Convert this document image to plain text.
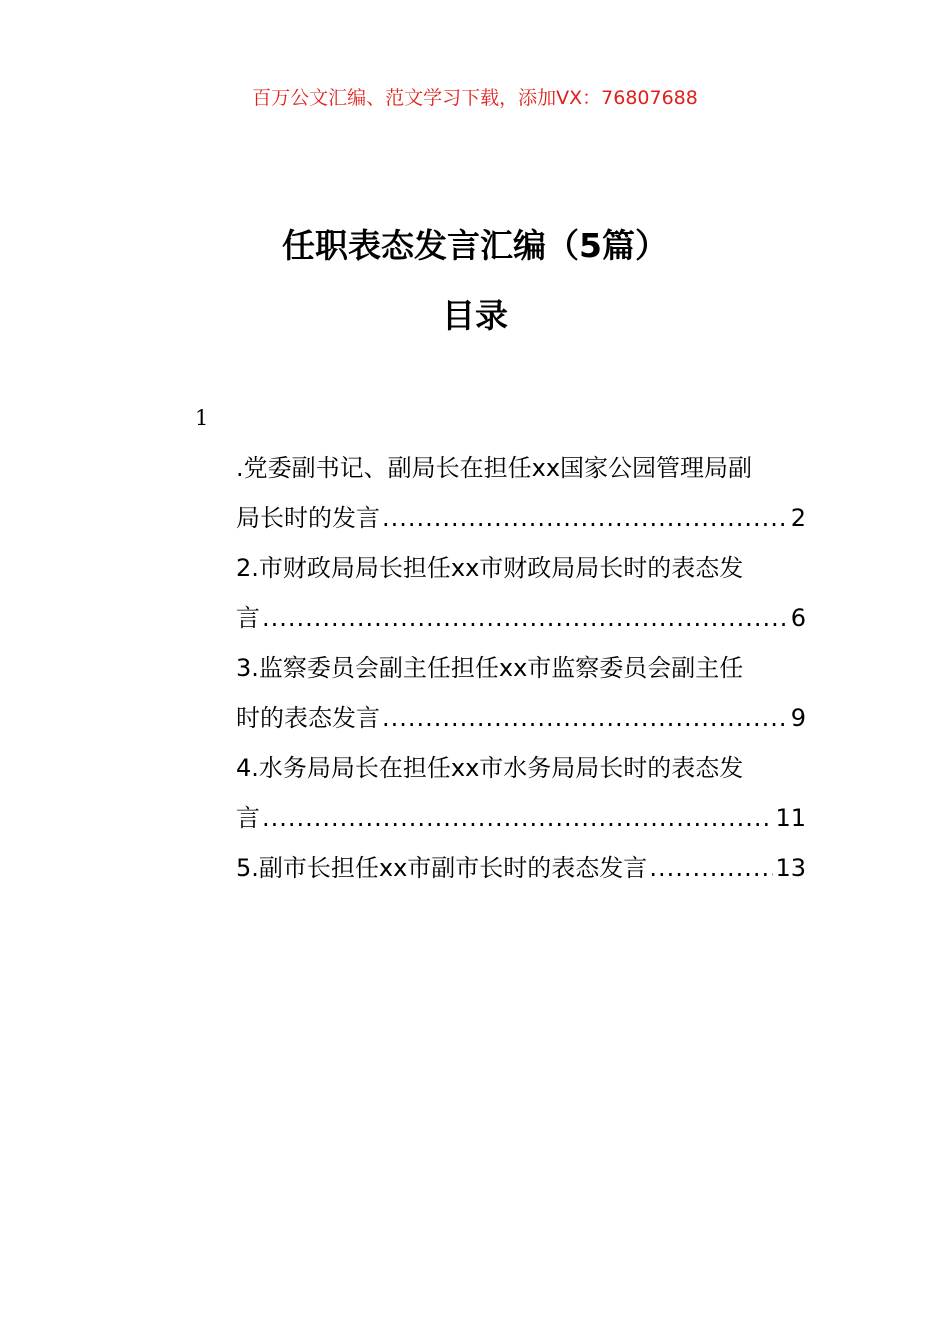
百万公文汇编、范文学习下载，添加VX：76807688
任职表态发言汇编（5篇）
目录
1
.党委副书记、副局长在担任xx国家公园管理局副
局长时的发言 .....	2
2.市财政局局长担任xx市财政局局长时的表态发
言 .....	6
3.监察委员会副主任担任xx市监察委员会副主任
时的表态发言 .....	9
4.水务局局长在担任xx市水务局局长时的表态发
言 .....	11
5.副市长担任xx市副市长时的表态发言 .....	13
